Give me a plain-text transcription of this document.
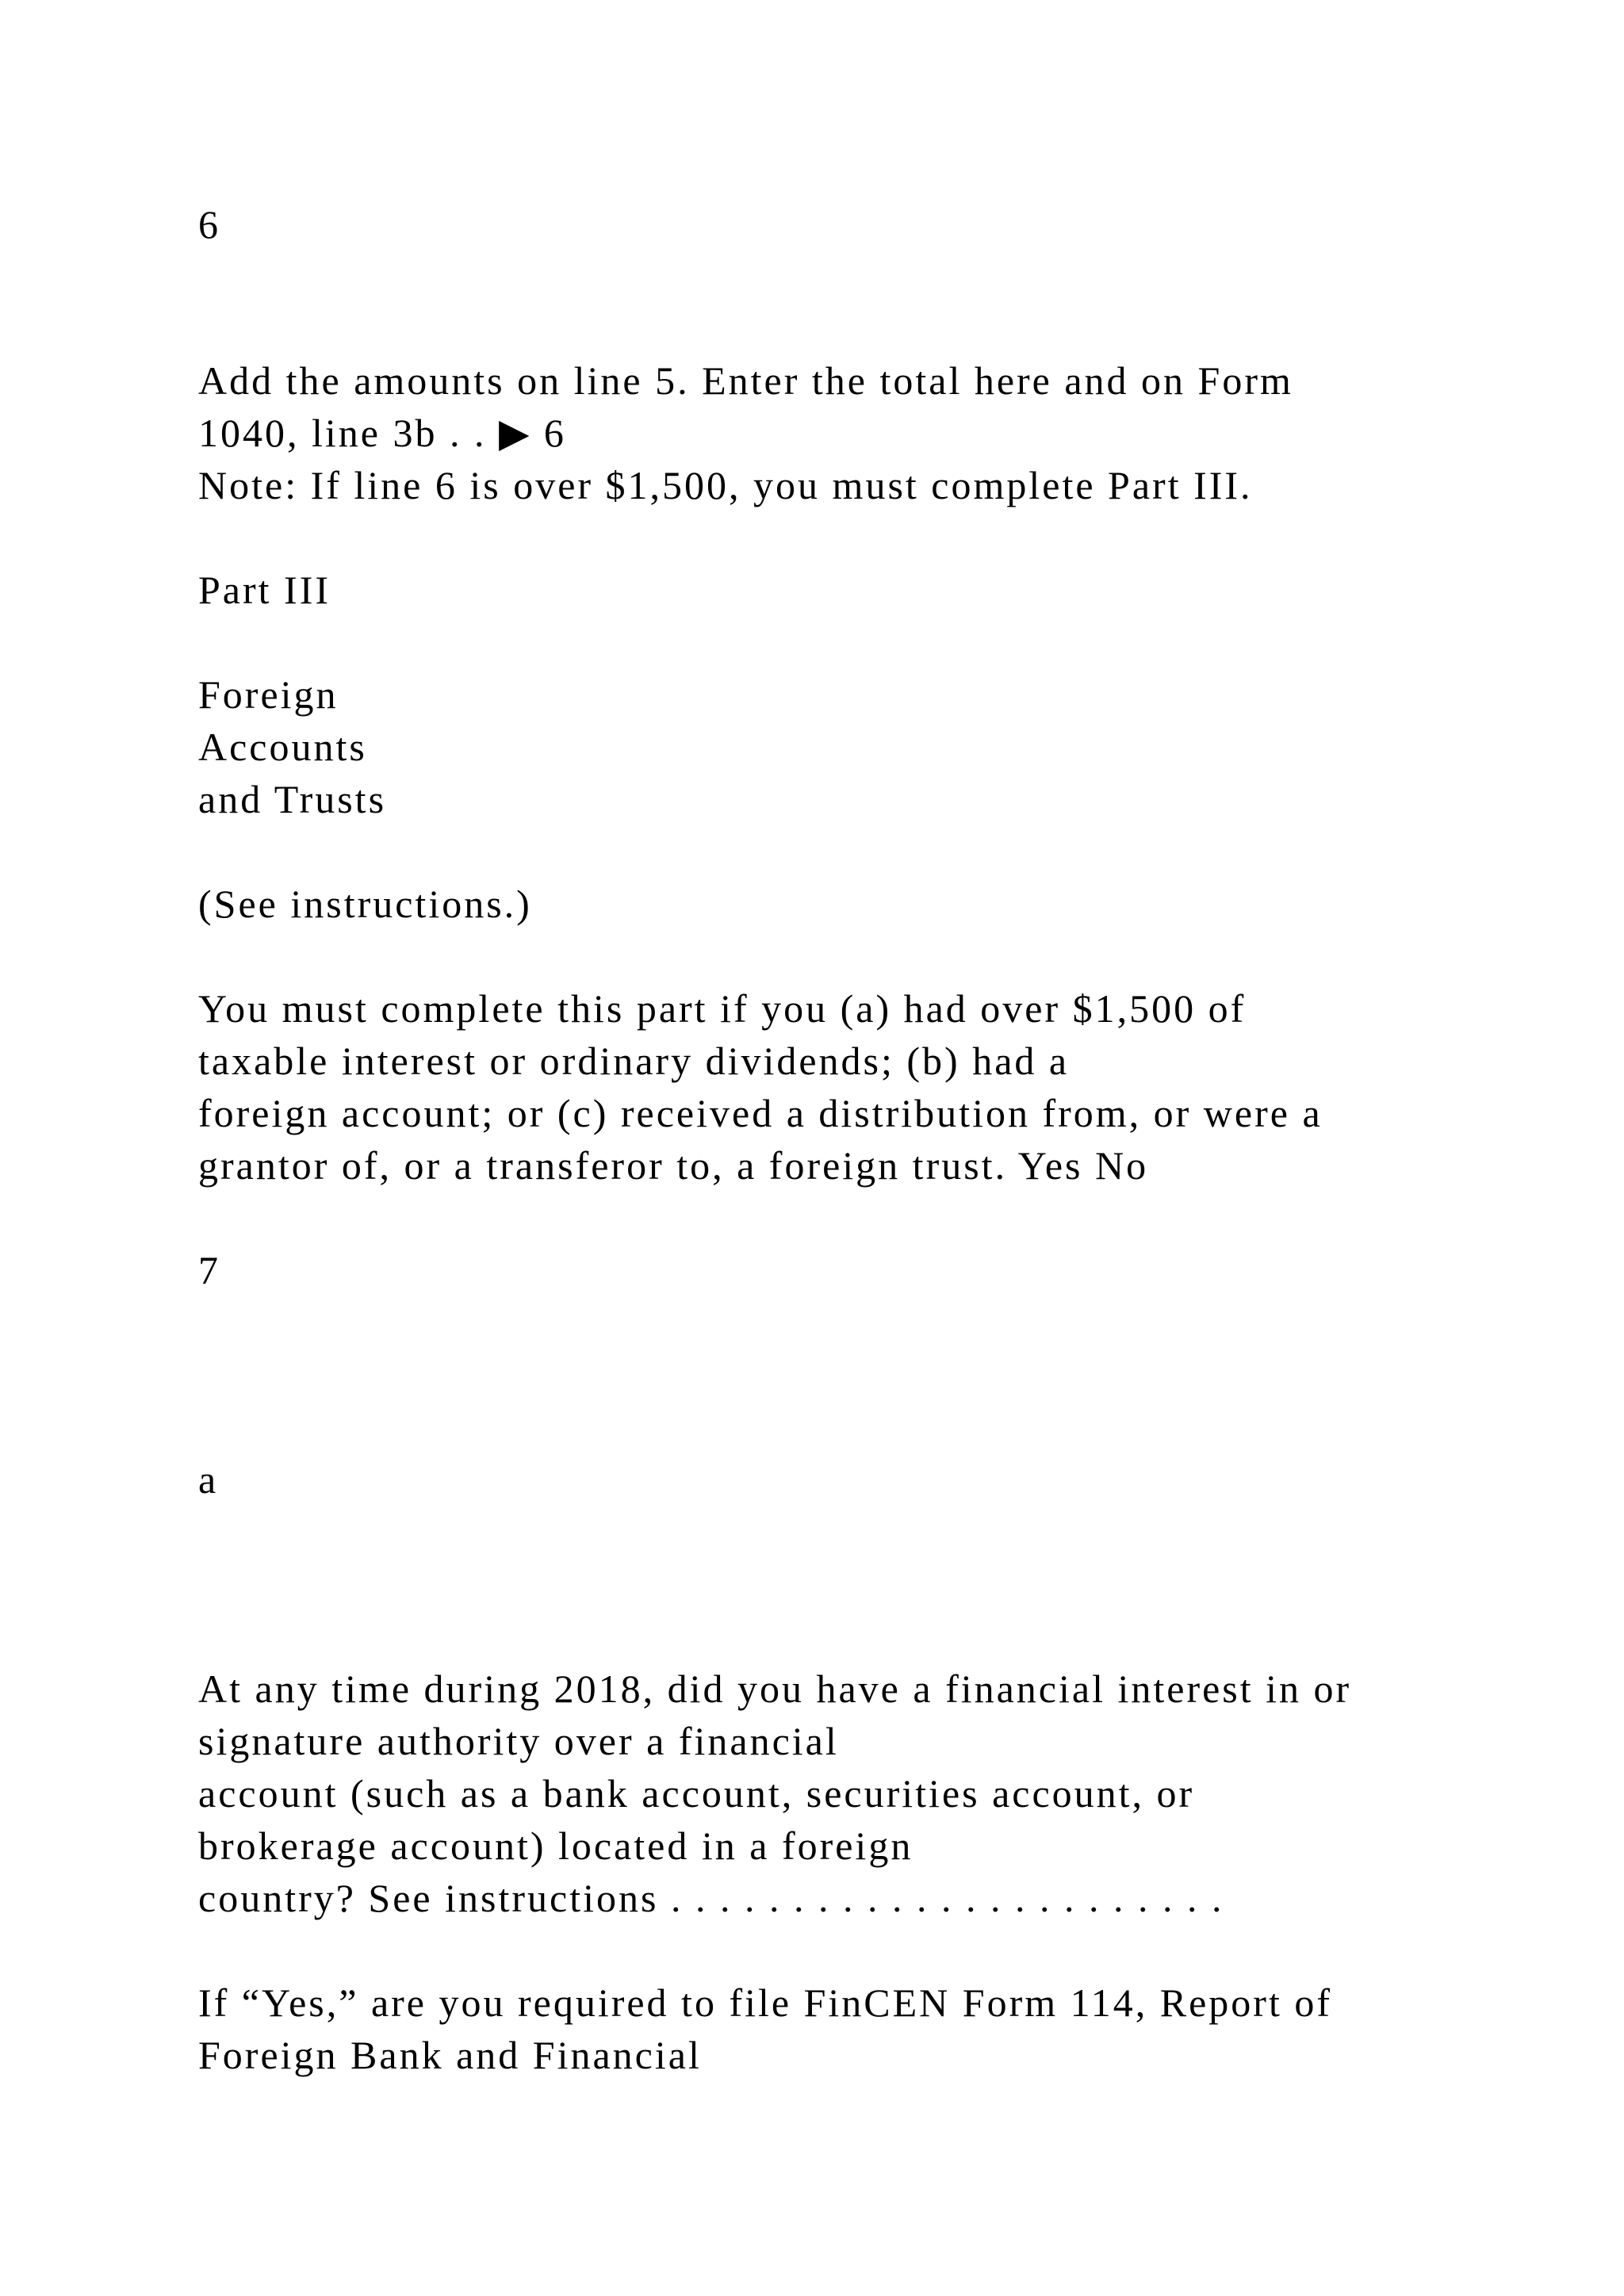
6
Add the amounts on line 5. Enter the total here and on Form
1040, line 3b . . ▶ 6
Note: If line 6 is over $1,500, you must complete Part III.
Part III
Foreign
Accounts
and Trusts
(See instructions.)
You must complete this part if you (a) had over $1,500 of
taxable interest or ordinary dividends; (b) had a
foreign account; or (c) received a distribution from, or were a
grantor of, or a transferor to, a foreign trust. Yes No
7
a
At any time during 2018, did you have a financial interest in or
signature authority over a financial
account (such as a bank account, securities account, or
brokerage account) located in a foreign
country? See instructions . . . . . . . . . . . . . . . . . . . . . . .
If “Yes,” are you required to file FinCEN Form 114, Report of
Foreign Bank and Financial
